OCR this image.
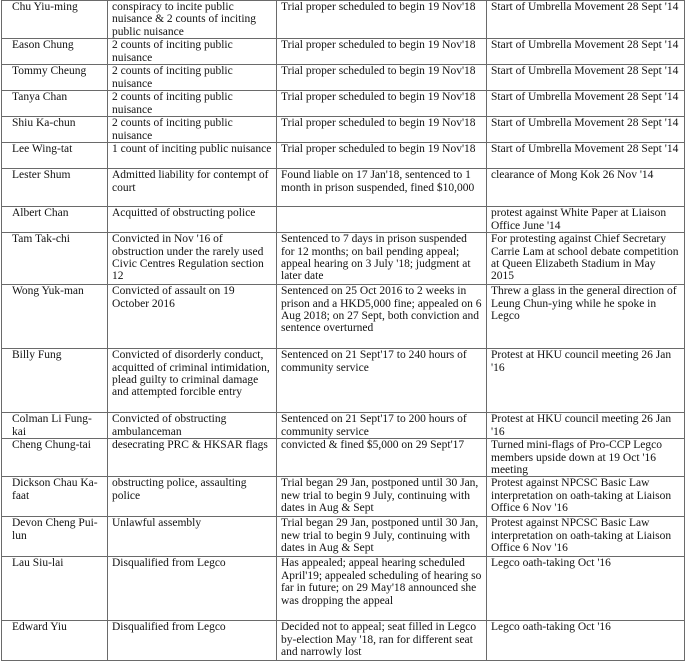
Chu Yiu-ming	conspiracy to incite public nuisance & 2 counts of inciting public nuisance	Trial proper scheduled to begin 19 Nov'18	Start of Umbrella Movement 28 Sept '14
Eason Chung	2 counts of inciting public nuisance	Trial proper scheduled to begin 19 Nov'18	Start of Umbrella Movement 28 Sept '14
Tommy Cheung	2 counts of inciting public nuisance	Trial proper scheduled to begin 19 Nov'18	Start of Umbrella Movement 28 Sept '14
Tanya Chan	2 counts of inciting public nuisance	Trial proper scheduled to begin 19 Nov'18	Start of Umbrella Movement 28 Sept '14
Shiu Ka-chun	2 counts of inciting public nuisance	Trial proper scheduled to begin 19 Nov'18	Start of Umbrella Movement 28 Sept '14
Lee Wing-tat	1 count of inciting public nuisance	Trial proper scheduled to begin 19 Nov'18	Start of Umbrella Movement 28 Sept '14
Lester Shum	Admitted liability for contempt of court	Found liable on 17 Jan'18, sentenced to 1 month in prison suspended, fined $10,000	clearance of Mong Kok 26 Nov '14
Albert Chan	Acquitted of obstructing police		protest against White Paper at Liaison Office June '14
Tam Tak-chi	Convicted in Nov '16 of obstruction under the rarely used Civic Centres Regulation section 12	Sentenced to 7 days in prison suspended for 12 months; on bail pending appeal; appeal hearing on 3 July '18; judgment at later date	For protesting against Chief Secretary Carrie Lam at school debate competition at Queen Elizabeth Stadium in May 2015
Wong Yuk-man	Convicted of assault on 19 October 2016	Sentenced on 25 Oct 2016 to 2 weeks in prison and a HKD5,000 fine; appealed on 6 Aug 2018; on 27 Sept, both conviction and sentence overturned	Threw a glass in the general direction of Leung Chun-ying while he spoke in Legco
Billy Fung	Convicted of disorderly conduct, acquitted of criminal intimidation, plead guilty to criminal damage and attempted forcible entry	Sentenced on 21 Sept'17 to 240 hours of community service	Protest at HKU council meeting 26 Jan '16
Colman Li Fung-kai	Convicted of obstructing ambulanceman	Sentenced on 21 Sept'17 to 200 hours of community service	Protest at HKU council meeting 26 Jan '16
Cheng Chung-tai	desecrating PRC & HKSAR flags	convicted & fined $5,000 on 29 Sept'17	Turned mini-flags of Pro-CCP Legco members upside down at 19 Oct '16 meeting
Dickson Chau Ka-faat	obstructing police, assaulting police	Trial began 29 Jan, postponed until 30 Jan, new trial to begin 9 July, continuing with dates in Aug & Sept	Protest against NPCSC Basic Law interpretation on oath-taking at Liaison Office 6 Nov '16
Devon Cheng Pui-lun	Unlawful assembly	Trial began 29 Jan, postponed until 30 Jan, new trial to begin 9 July, continuing with dates in Aug & Sept	Protest against NPCSC Basic Law interpretation on oath-taking at Liaison Office 6 Nov '16
Lau Siu-lai	Disqualified from Legco	Has appealed; appeal hearing scheduled April'19; appealed scheduling of hearing so far in future; on 29 May'18 announced she was dropping the appeal	Legco oath-taking Oct '16
Edward Yiu	Disqualified from Legco	Decided not to appeal; seat filled in Legco by-election May '18, ran for different seat and narrowly lost	Legco oath-taking Oct '16
